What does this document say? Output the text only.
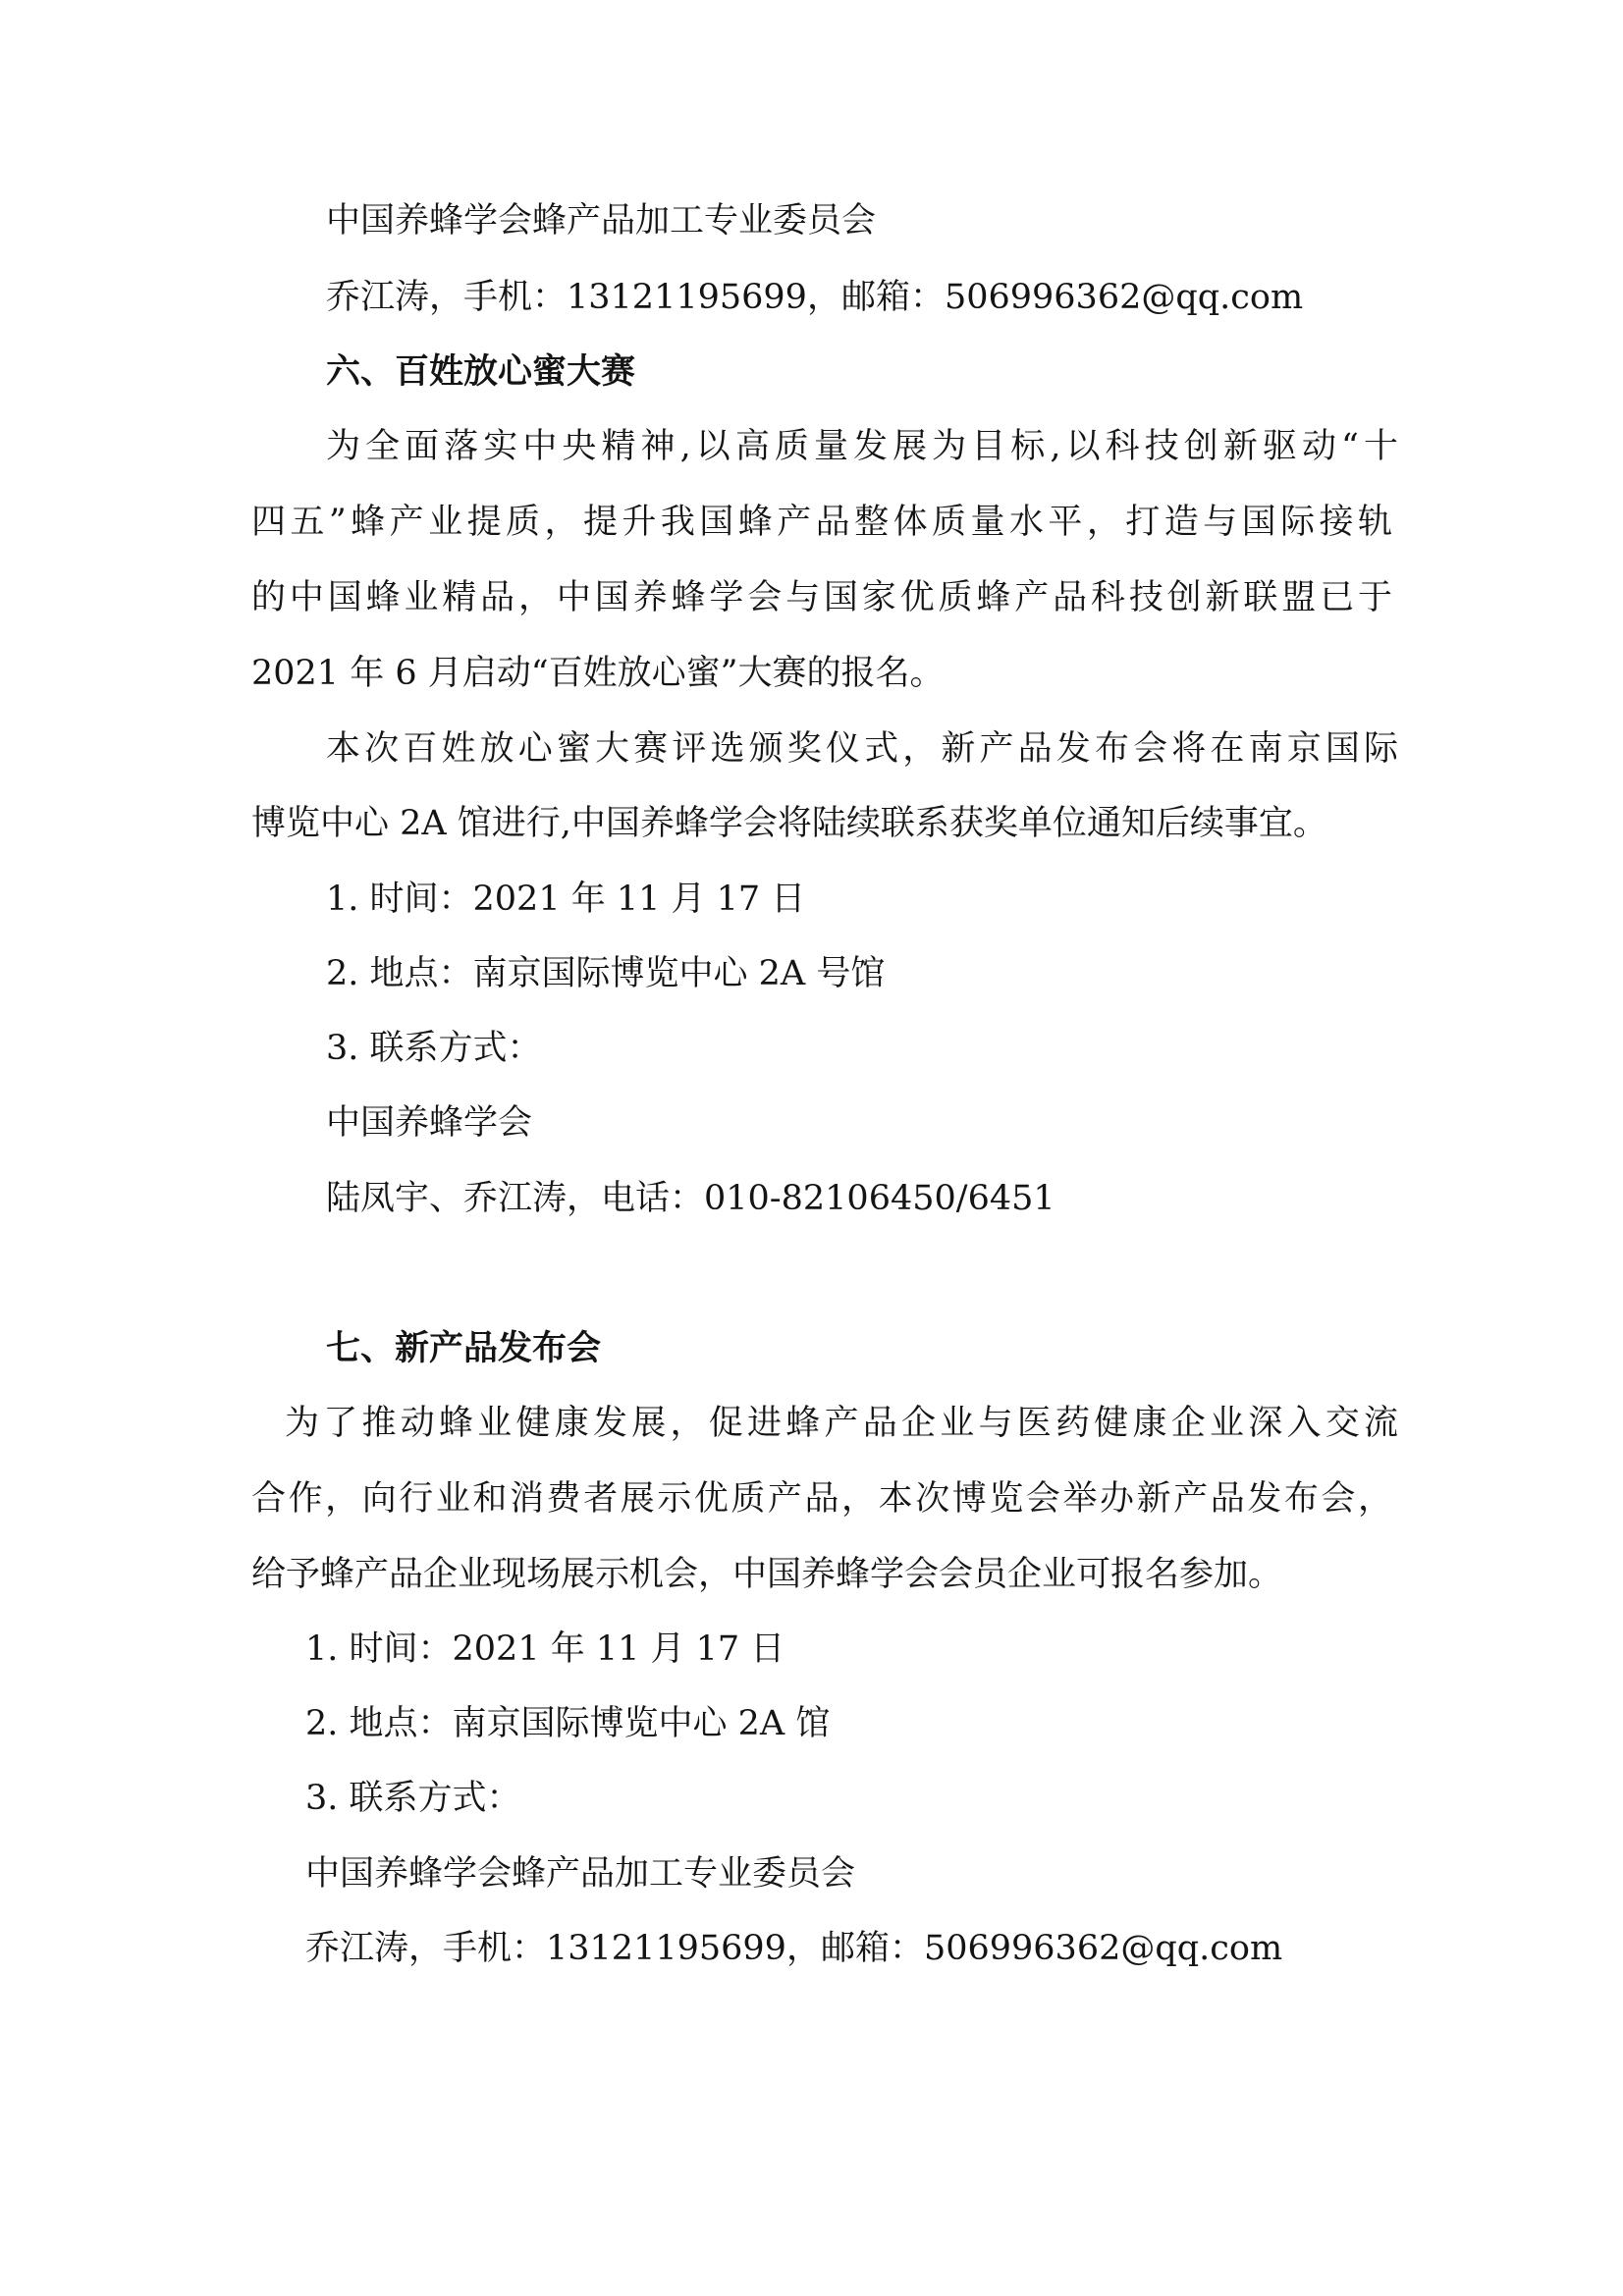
中国养蜂学会蜂产品加工专业委员会
乔江涛，手机：13121195699，邮箱：506996362@qq.com
六、百姓放心蜜大赛
为全面落实中央精神,以高质量发展为目标,以科技创新驱动“十
四五”蜂产业提质，提升我国蜂产品整体质量水平，打造与国际接轨
的中国蜂业精品，中国养蜂学会与国家优质蜂产品科技创新联盟已于
2021 年 6 月启动“百姓放心蜜”大赛的报名。
本次百姓放心蜜大赛评选颁奖仪式，新产品发布会将在南京国际
博览中心 2A 馆进行,中国养蜂学会将陆续联系获奖单位通知后续事宜。
1. 时间：2021 年 11 月 17 日
2. 地点：南京国际博览中心 2A 号馆
3. 联系方式：
中国养蜂学会
陆凤宇、乔江涛，电话：010-82106450/6451
七、新产品发布会
为了推动蜂业健康发展，促进蜂产品企业与医药健康企业深入交流
合作，向行业和消费者展示优质产品，本次博览会举办新产品发布会，
给予蜂产品企业现场展示机会，中国养蜂学会会员企业可报名参加。
1. 时间：2021 年 11 月 17 日
2. 地点：南京国际博览中心 2A 馆
3. 联系方式：
中国养蜂学会蜂产品加工专业委员会
乔江涛，手机：13121195699，邮箱：506996362@qq.com
